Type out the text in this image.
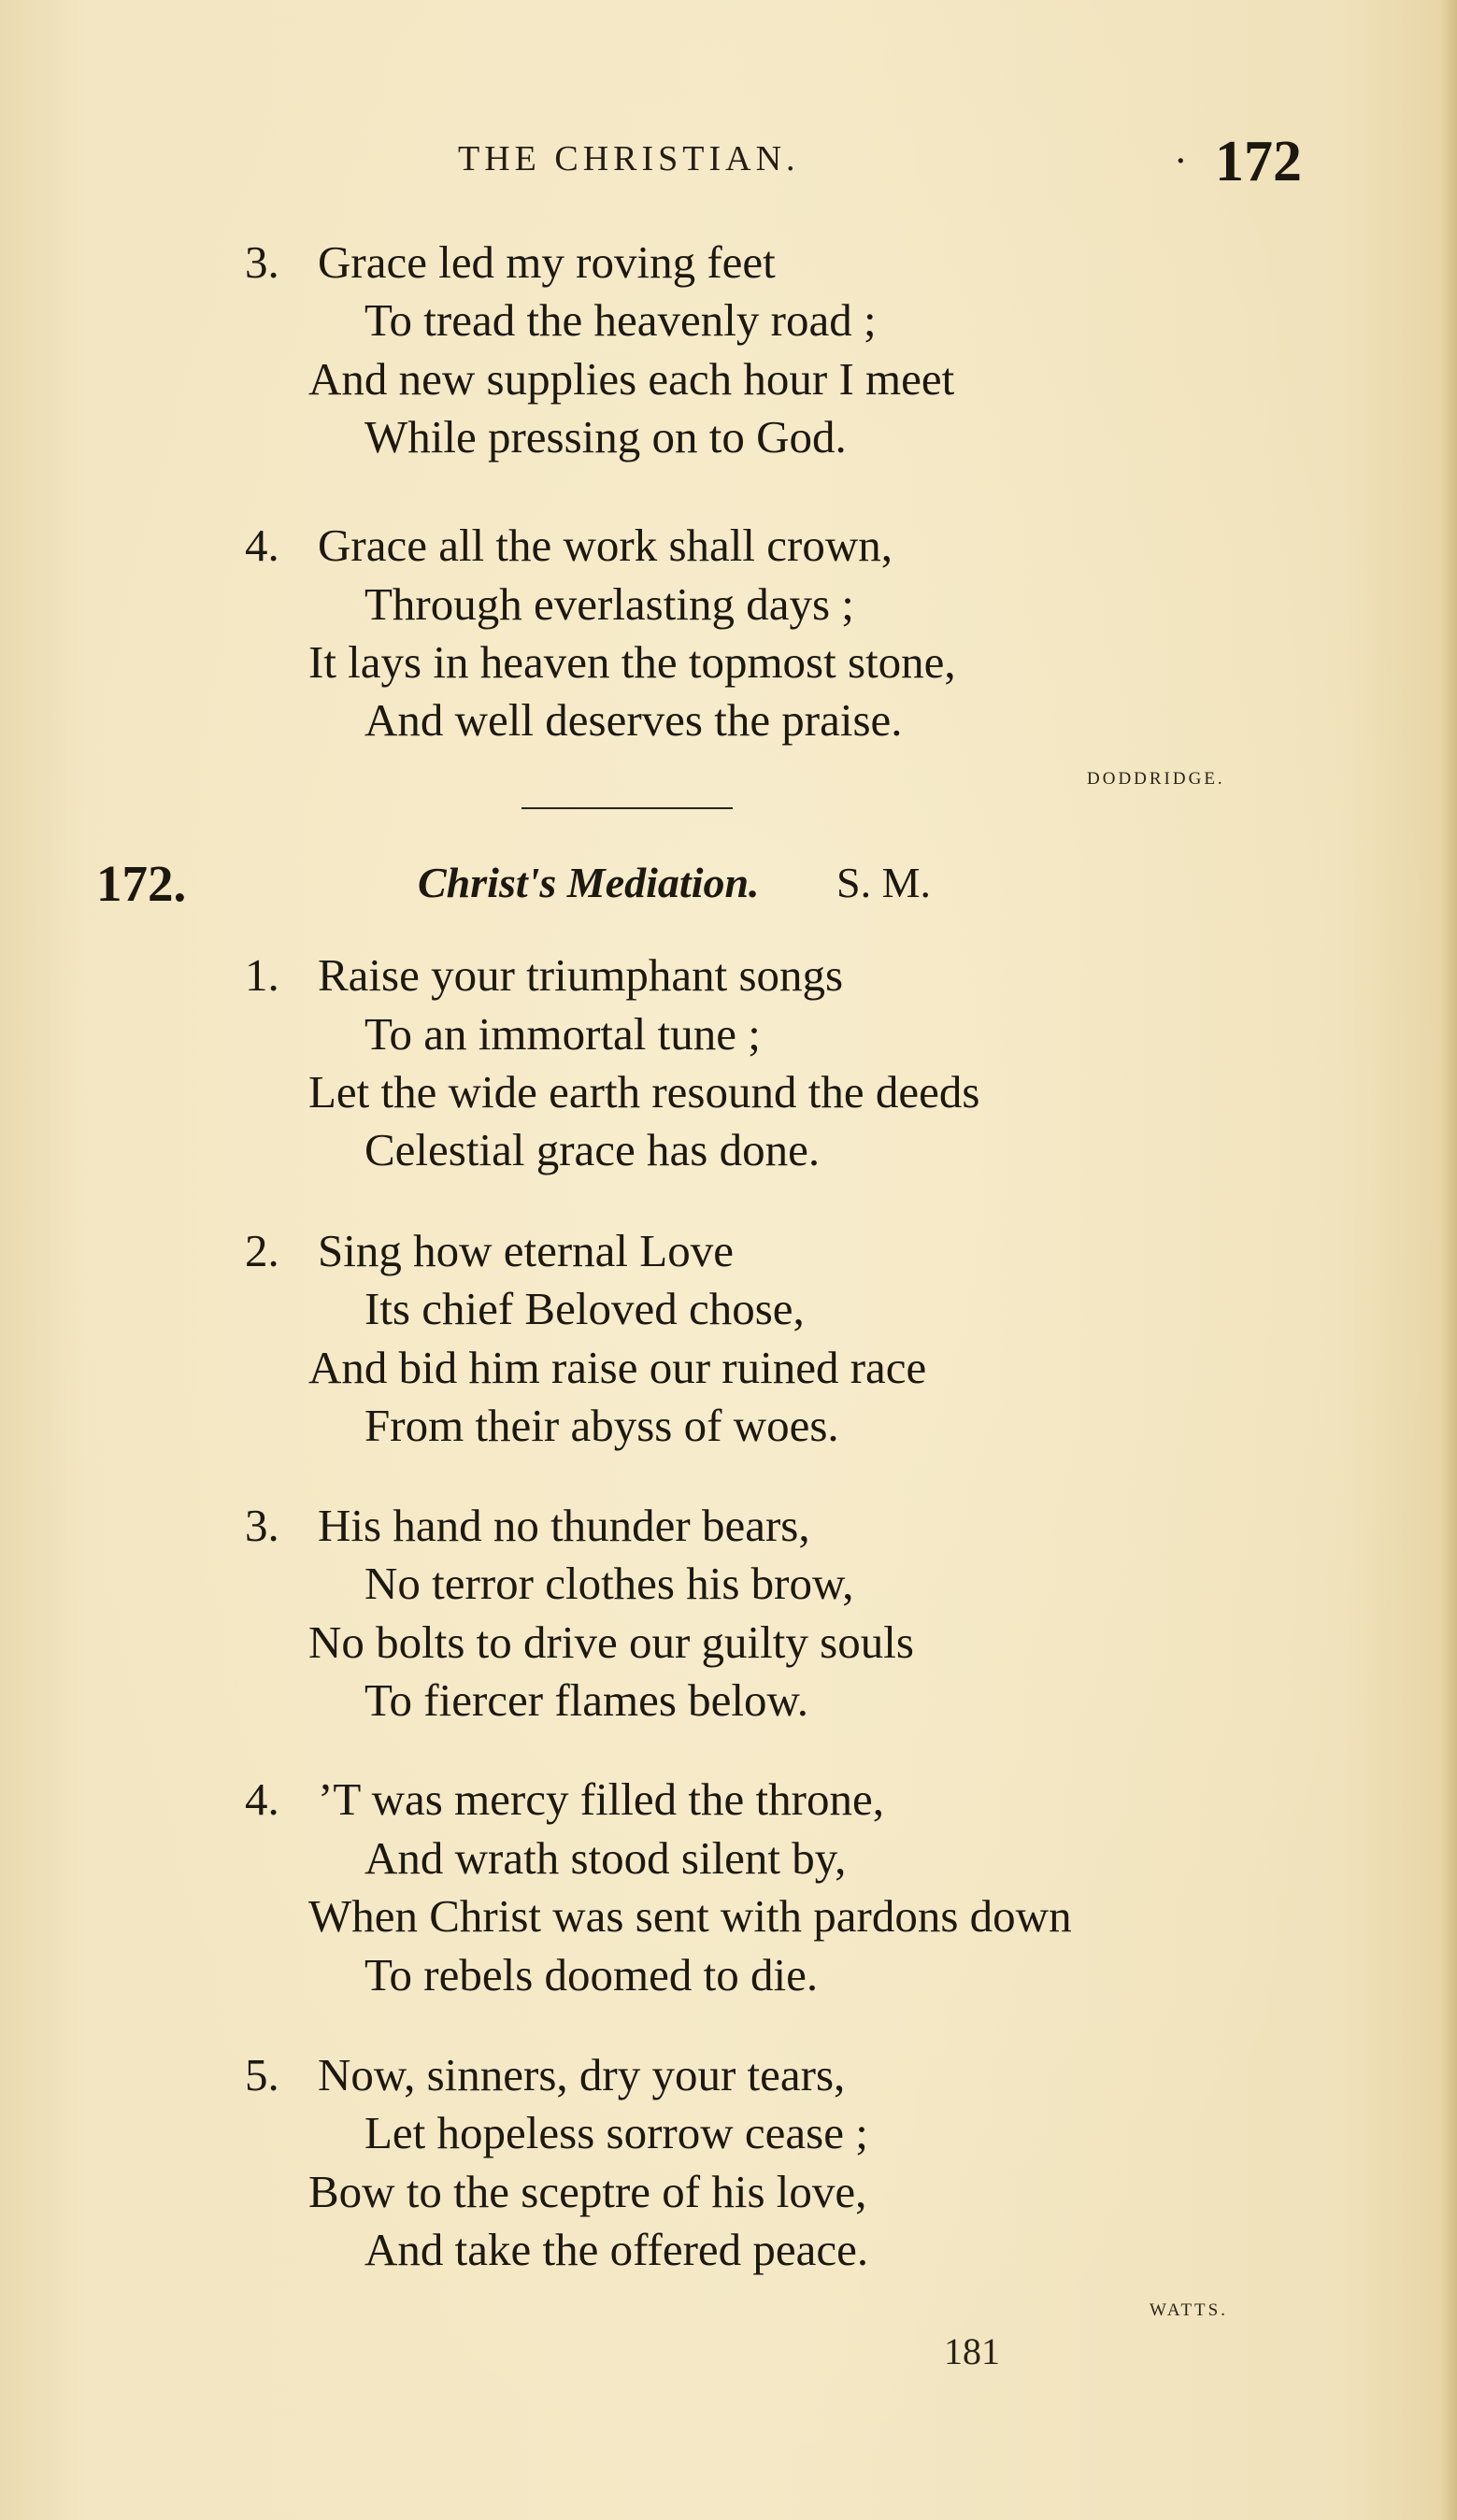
THE CHRISTIAN.	· 172
3. Grace led my roving feet
To tread the heavenly road ;
And new supplies each hour I meet
While pressing on to God.
4. Grace all the work shall crown,
Through everlasting days ;
It lays in heaven the topmost stone,
And well deserves the praise.
DODDRIDGE.
172.	Christ's Mediation. S. M.
1. Raise your triumphant songs
To an immortal tune ;
Let the wide earth resound the deeds
Celestial grace has done.
2. Sing how eternal Love
Its chief Beloved chose,
And bid him raise our ruined race
From their abyss of woes.
3. His hand no thunder bears,
No terror clothes his brow,
No bolts to drive our guilty souls
To fiercer flames below.
4. ’T was mercy filled the throne,
And wrath stood silent by,
When Christ was sent with pardons down
To rebels doomed to die.
5. Now, sinners, dry your tears,
Let hopeless sorrow cease ;
Bow to the sceptre of his love,
And take the offered peace.
WATTS.
181
